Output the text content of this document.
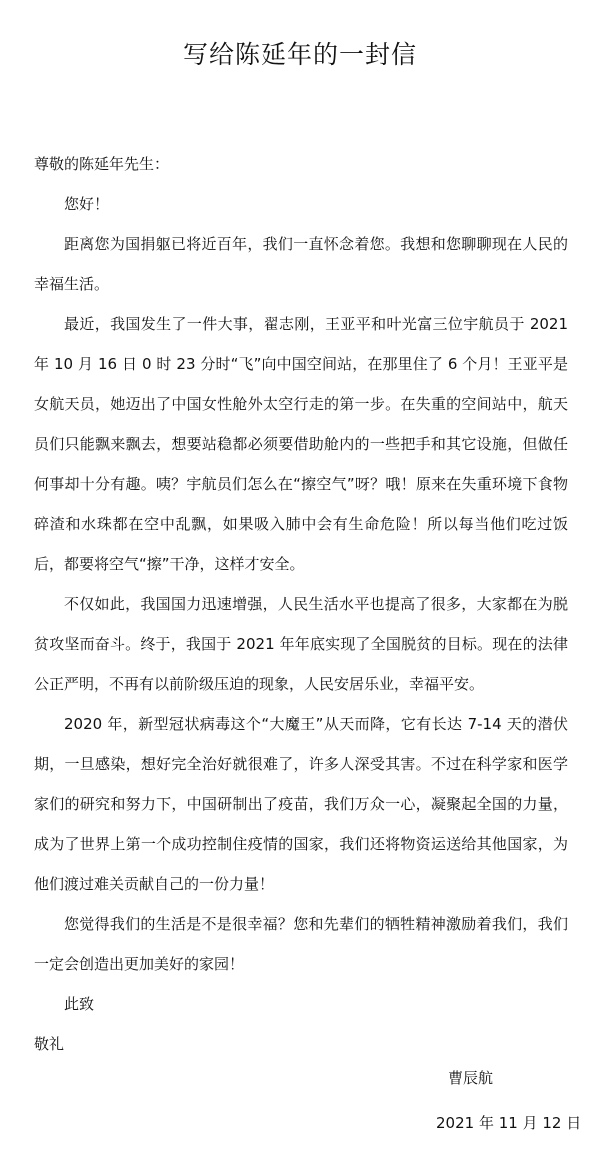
写给陈延年的一封信

尊敬的陈延年先生：

您好！

距离您为国捐躯已将近百年，我们一直怀念着您。我想和您聊聊现在人民的幸福生活。

最近，我国发生了一件大事，翟志刚，王亚平和叶光富三位宇航员于 2021 年 10 月 16 日 0 时 23 分时“飞”向中国空间站，在那里住了 6 个月！王亚平是女航天员，她迈出了中国女性舱外太空行走的第一步。在失重的空间站中，航天员们只能飘来飘去，想要站稳都必须要借助舱内的一些把手和其它设施，但做任何事却十分有趣。咦？宇航员们怎么在“擦空气”呀？哦！原来在失重环境下食物碎渣和水珠都在空中乱飘，如果吸入肺中会有生命危险！所以每当他们吃过饭后，都要将空气“擦”干净，这样才安全。

不仅如此，我国国力迅速增强，人民生活水平也提高了很多，大家都在为脱贫攻坚而奋斗。终于，我国于 2021 年年底实现了全国脱贫的目标。现在的法律公正严明，不再有以前阶级压迫的现象，人民安居乐业，幸福平安。

2020 年，新型冠状病毒这个“大魔王”从天而降，它有长达 7-14 天的潜伏期，一旦感染，想好完全治好就很难了，许多人深受其害。不过在科学家和医学家们的研究和努力下，中国研制出了疫苗，我们万众一心，凝聚起全国的力量，成为了世界上第一个成功控制住疫情的国家，我们还将物资运送给其他国家，为他们渡过难关贡献自己的一份力量！

您觉得我们的生活是不是很幸福？您和先辈们的牺牲精神激励着我们，我们一定会创造出更加美好的家园！

此致

敬礼

曹辰航

2021 年 11 月 12 日
